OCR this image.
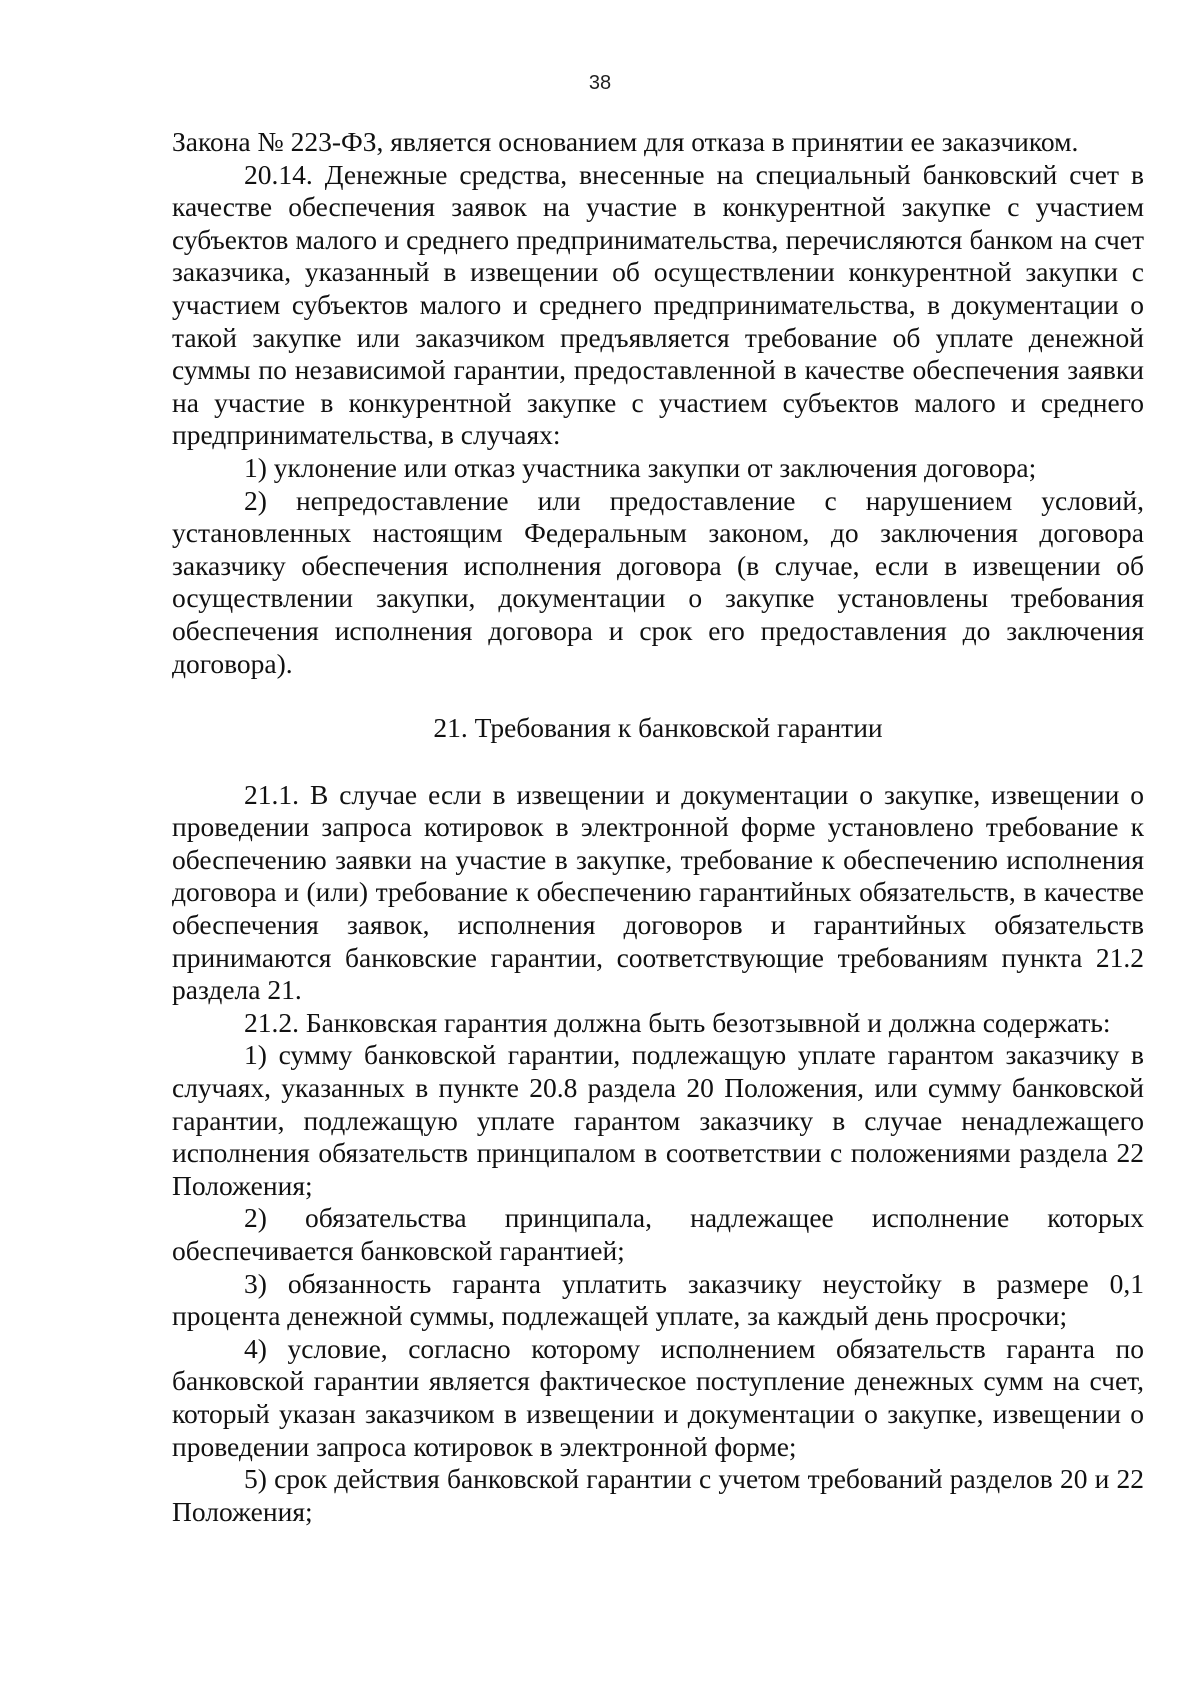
38

Закона № 223-ФЗ, является основанием для отказа в принятии ее заказчиком.

20.14. Денежные средства, внесенные на специальный банковский счет в качестве обеспечения заявок на участие в конкурентной закупке с участием субъектов малого и среднего предпринимательства, перечисляются банком на счет заказчика, указанный в извещении об осуществлении конкурентной закупки с участием субъектов малого и среднего предпринимательства, в документации о такой закупке или заказчиком предъявляется требование об уплате денежной суммы по независимой гарантии, предоставленной в качестве обеспечения заявки на участие в конкурентной закупке с участием субъектов малого и среднего предпринимательства, в случаях:

1) уклонение или отказ участника закупки от заключения договора;

2) непредоставление или предоставление с нарушением условий, установленных настоящим Федеральным законом, до заключения договора заказчику обеспечения исполнения договора (в случае, если в извещении об осуществлении закупки, документации о закупке установлены требования обеспечения исполнения договора и срок его предоставления до заключения договора).

21. Требования к банковской гарантии

21.1. В случае если в извещении и документации о закупке, извещении о проведении запроса котировок в электронной форме установлено требование к обеспечению заявки на участие в закупке, требование к обеспечению исполнения договора и (или) требование к обеспечению гарантийных обязательств, в качестве обеспечения заявок, исполнения договоров и гарантийных обязательств принимаются банковские гарантии, соответствующие требованиям пункта 21.2 раздела 21.

21.2. Банковская гарантия должна быть безотзывной и должна содержать:

1) сумму банковской гарантии, подлежащую уплате гарантом заказчику в случаях, указанных в пункте 20.8 раздела 20 Положения, или сумму банковской гарантии, подлежащую уплате гарантом заказчику в случае ненадлежащего исполнения обязательств принципалом в соответствии с положениями раздела 22 Положения;

2) обязательства принципала, надлежащее исполнение которых обеспечивается банковской гарантией;

3) обязанность гаранта уплатить заказчику неустойку в размере 0,1 процента денежной суммы, подлежащей уплате, за каждый день просрочки;

4) условие, согласно которому исполнением обязательств гаранта по банковской гарантии является фактическое поступление денежных сумм на счет, который указан заказчиком в извещении и документации о закупке, извещении о проведении запроса котировок в электронной форме;

5) срок действия банковской гарантии с учетом требований разделов 20 и 22 Положения;
